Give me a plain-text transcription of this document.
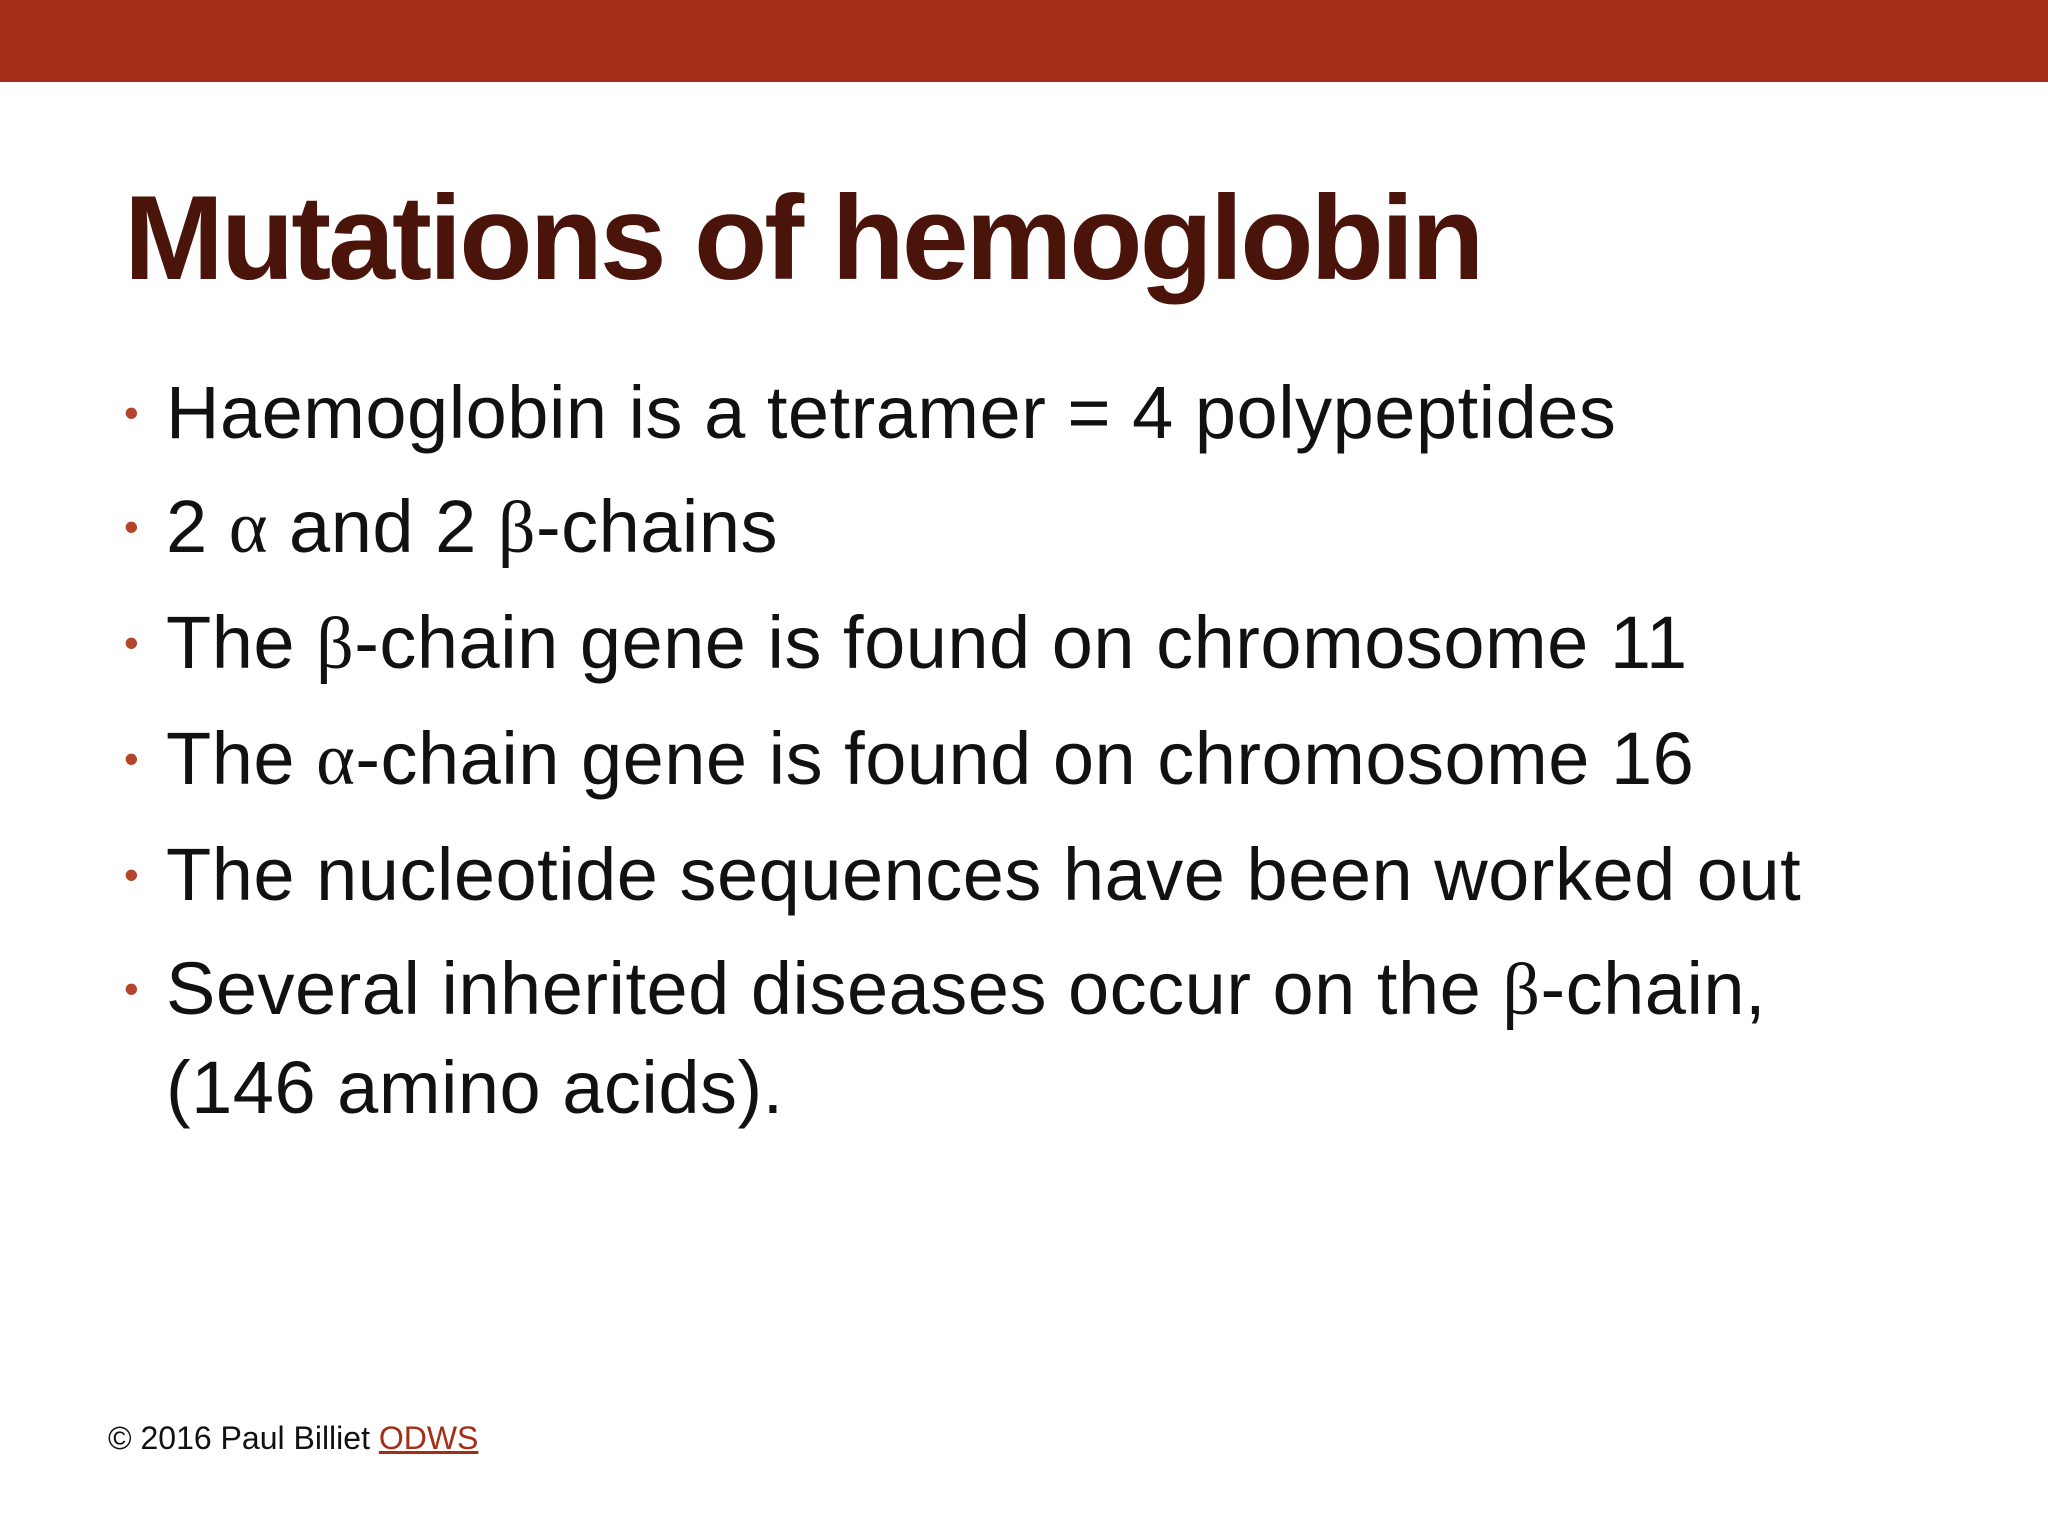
Mutations of hemoglobin
• Haemoglobin is a tetramer = 4 polypeptides
• 2 α and 2 β-chains
• The β-chain gene is found on chromosome 11
• The α-chain gene is found on chromosome 16
• The nucleotide sequences have been worked out
• Several inherited diseases occur on the β-chain,
(146 amino acids).
© 2016 Paul Billiet ODWS
